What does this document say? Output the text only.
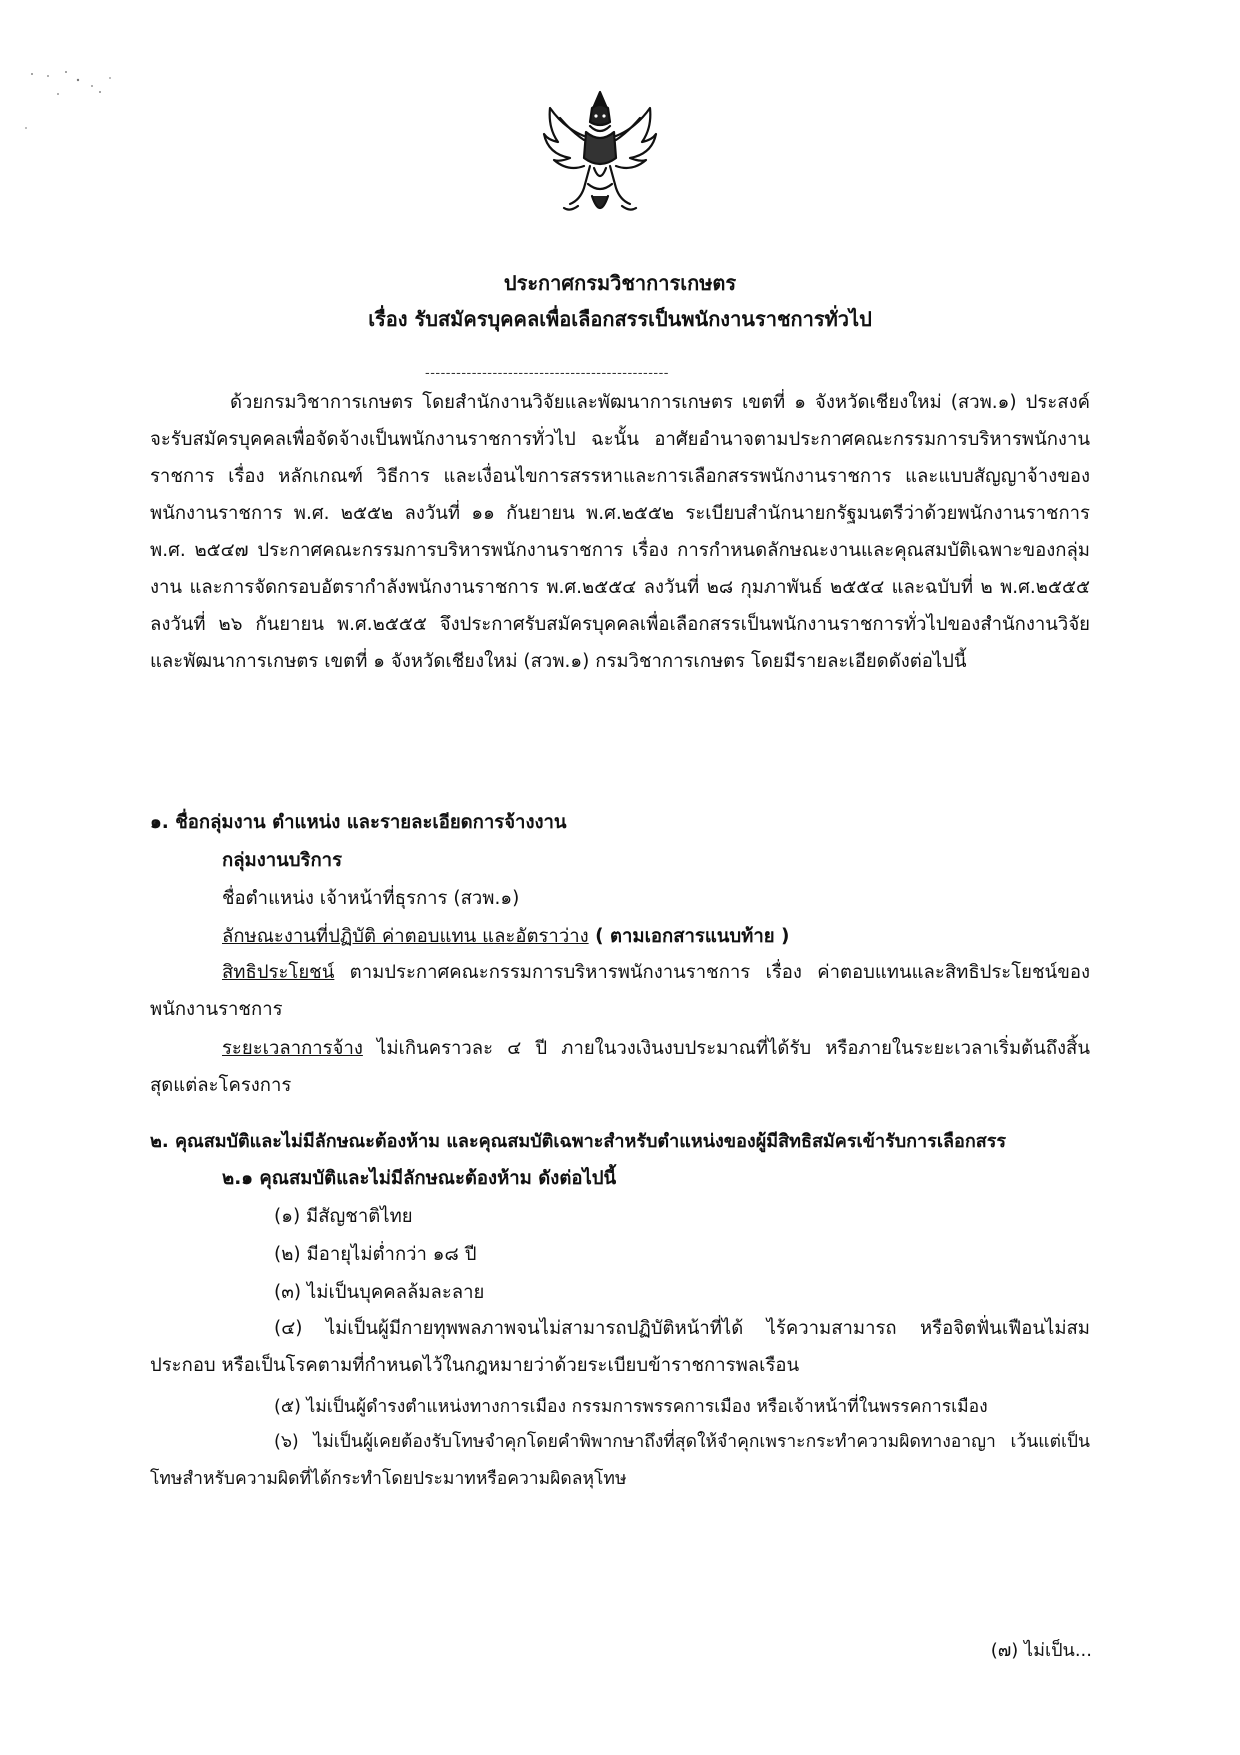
ประกาศกรมวิชาการเกษตร
เรื่อง รับสมัครบุคคลเพื่อเลือกสรรเป็นพนักงานราชการทั่วไป
-----------------------------------------------

ด้วยกรมวิชาการเกษตร โดยสำนักงานวิจัยและพัฒนาการเกษตร เขตที่ ๑ จังหวัดเชียงใหม่ (สวพ.๑) ประสงค์จะรับสมัครบุคคลเพื่อจัดจ้างเป็นพนักงานราชการทั่วไป ฉะนั้น อาศัยอำนาจตามประกาศคณะกรรมการบริหารพนักงานราชการ เรื่อง หลักเกณฑ์ วิธีการ และเงื่อนไขการสรรหาและการเลือกสรรพนักงานราชการ และแบบสัญญาจ้างของพนักงานราชการ พ.ศ. ๒๕๕๒ ลงวันที่ ๑๑ กันยายน พ.ศ.๒๕๕๒ ระเบียบสำนักนายกรัฐมนตรีว่าด้วยพนักงานราชการ พ.ศ. ๒๕๔๗ ประกาศคณะกรรมการบริหารพนักงานราชการ เรื่อง การกำหนดลักษณะงานและคุณสมบัติเฉพาะของกลุ่มงาน และการจัดกรอบอัตรากำลังพนักงานราชการ พ.ศ.๒๕๕๔ ลงวันที่ ๒๘ กุมภาพันธ์ ๒๕๕๔ และฉบับที่ ๒ พ.ศ.๒๕๕๕ ลงวันที่ ๒๖ กันยายน พ.ศ.๒๕๕๕ จึงประกาศรับสมัครบุคคลเพื่อเลือกสรรเป็นพนักงานราชการทั่วไปของสำนักงานวิจัยและพัฒนาการเกษตร เขตที่ ๑ จังหวัดเชียงใหม่ (สวพ.๑) กรมวิชาการเกษตร โดยมีรายละเอียดดังต่อไปนี้

๑. ชื่อกลุ่มงาน ตำแหน่ง และรายละเอียดการจ้างงาน
กลุ่มงานบริการ
ชื่อตำแหน่ง เจ้าหน้าที่ธุรการ (สวพ.๑)
ลักษณะงานที่ปฏิบัติ ค่าตอบแทน และอัตราว่าง ( ตามเอกสารแนบท้าย )

สิทธิประโยชน์ ตามประกาศคณะกรรมการบริหารพนักงานราชการ เรื่อง ค่าตอบแทนและสิทธิประโยชน์ของพนักงานราชการ

ระยะเวลาการจ้าง ไม่เกินคราวละ ๔ ปี ภายในวงเงินงบประมาณที่ได้รับ หรือภายในระยะเวลาเริ่มต้นถึงสิ้นสุดแต่ละโครงการ

๒. คุณสมบัติและไม่มีลักษณะต้องห้าม และคุณสมบัติเฉพาะสำหรับตำแหน่งของผู้มีสิทธิสมัครเข้ารับการเลือกสรร
๒.๑ คุณสมบัติและไม่มีลักษณะต้องห้าม ดังต่อไปนี้
(๑) มีสัญชาติไทย
(๒) มีอายุไม่ต่ำกว่า ๑๘ ปี
(๓) ไม่เป็นบุคคลล้มละลาย

(๔) ไม่เป็นผู้มีกายทุพพลภาพจนไม่สามารถปฏิบัติหน้าที่ได้ ไร้ความสามารถ หรือจิตฟั่นเฟือนไม่สมประกอบ หรือเป็นโรคตามที่กำหนดไว้ในกฎหมายว่าด้วยระเบียบข้าราชการพลเรือน

(๕) ไม่เป็นผู้ดำรงตำแหน่งทางการเมือง กรรมการพรรคการเมือง หรือเจ้าหน้าที่ในพรรคการเมือง

(๖) ไม่เป็นผู้เคยต้องรับโทษจำคุกโดยคำพิพากษาถึงที่สุดให้จำคุกเพราะกระทำความผิดทางอาญา เว้นแต่เป็นโทษสำหรับความผิดที่ได้กระทำโดยประมาทหรือความผิดลหุโทษ

(๗) ไม่เป็น...
